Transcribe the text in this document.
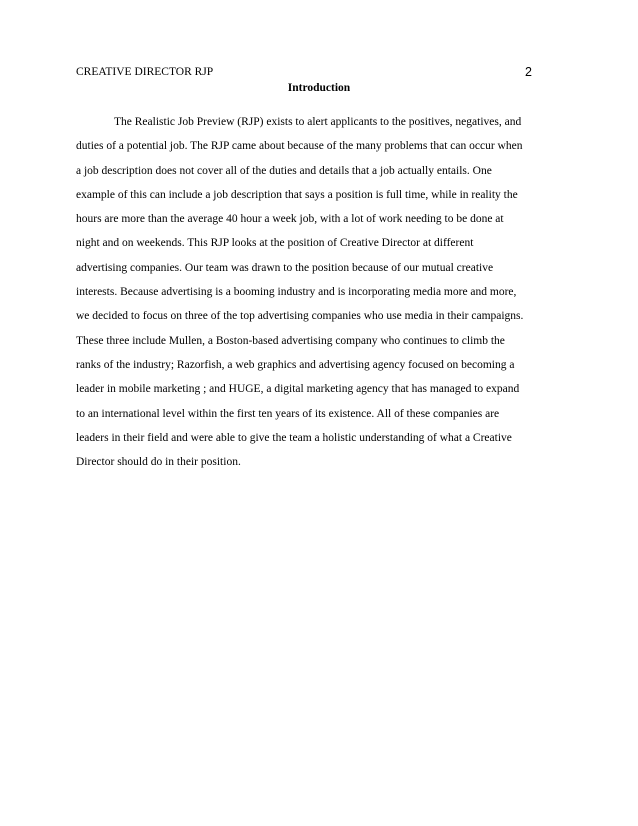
CREATIVE DIRECTOR RJP	2
Introduction
The Realistic Job Preview (RJP) exists to alert applicants to the positives, negatives, and
duties of a potential job. The RJP came about because of the many problems that can occur when
a job description does not cover all of the duties and details that a job actually entails. One
example of this can include a job description that says a position is full time, while in reality the
hours are more than the average 40 hour a week job, with a lot of work needing to be done at
night and on weekends. This RJP looks at the position of Creative Director at different
advertising companies. Our team was drawn to the position because of our mutual creative
interests. Because advertising is a booming industry and is incorporating media more and more,
we decided to focus on three of the top advertising companies who use media in their campaigns.
These three include Mullen, a Boston-based advertising company who continues to climb the
ranks of the industry; Razorfish, a web graphics and advertising agency focused on becoming a
leader in mobile marketing ; and HUGE, a digital marketing agency that has managed to expand
to an international level within the first ten years of its existence. All of these companies are
leaders in their field and were able to give the team a holistic understanding of what a Creative
Director should do in their position.
